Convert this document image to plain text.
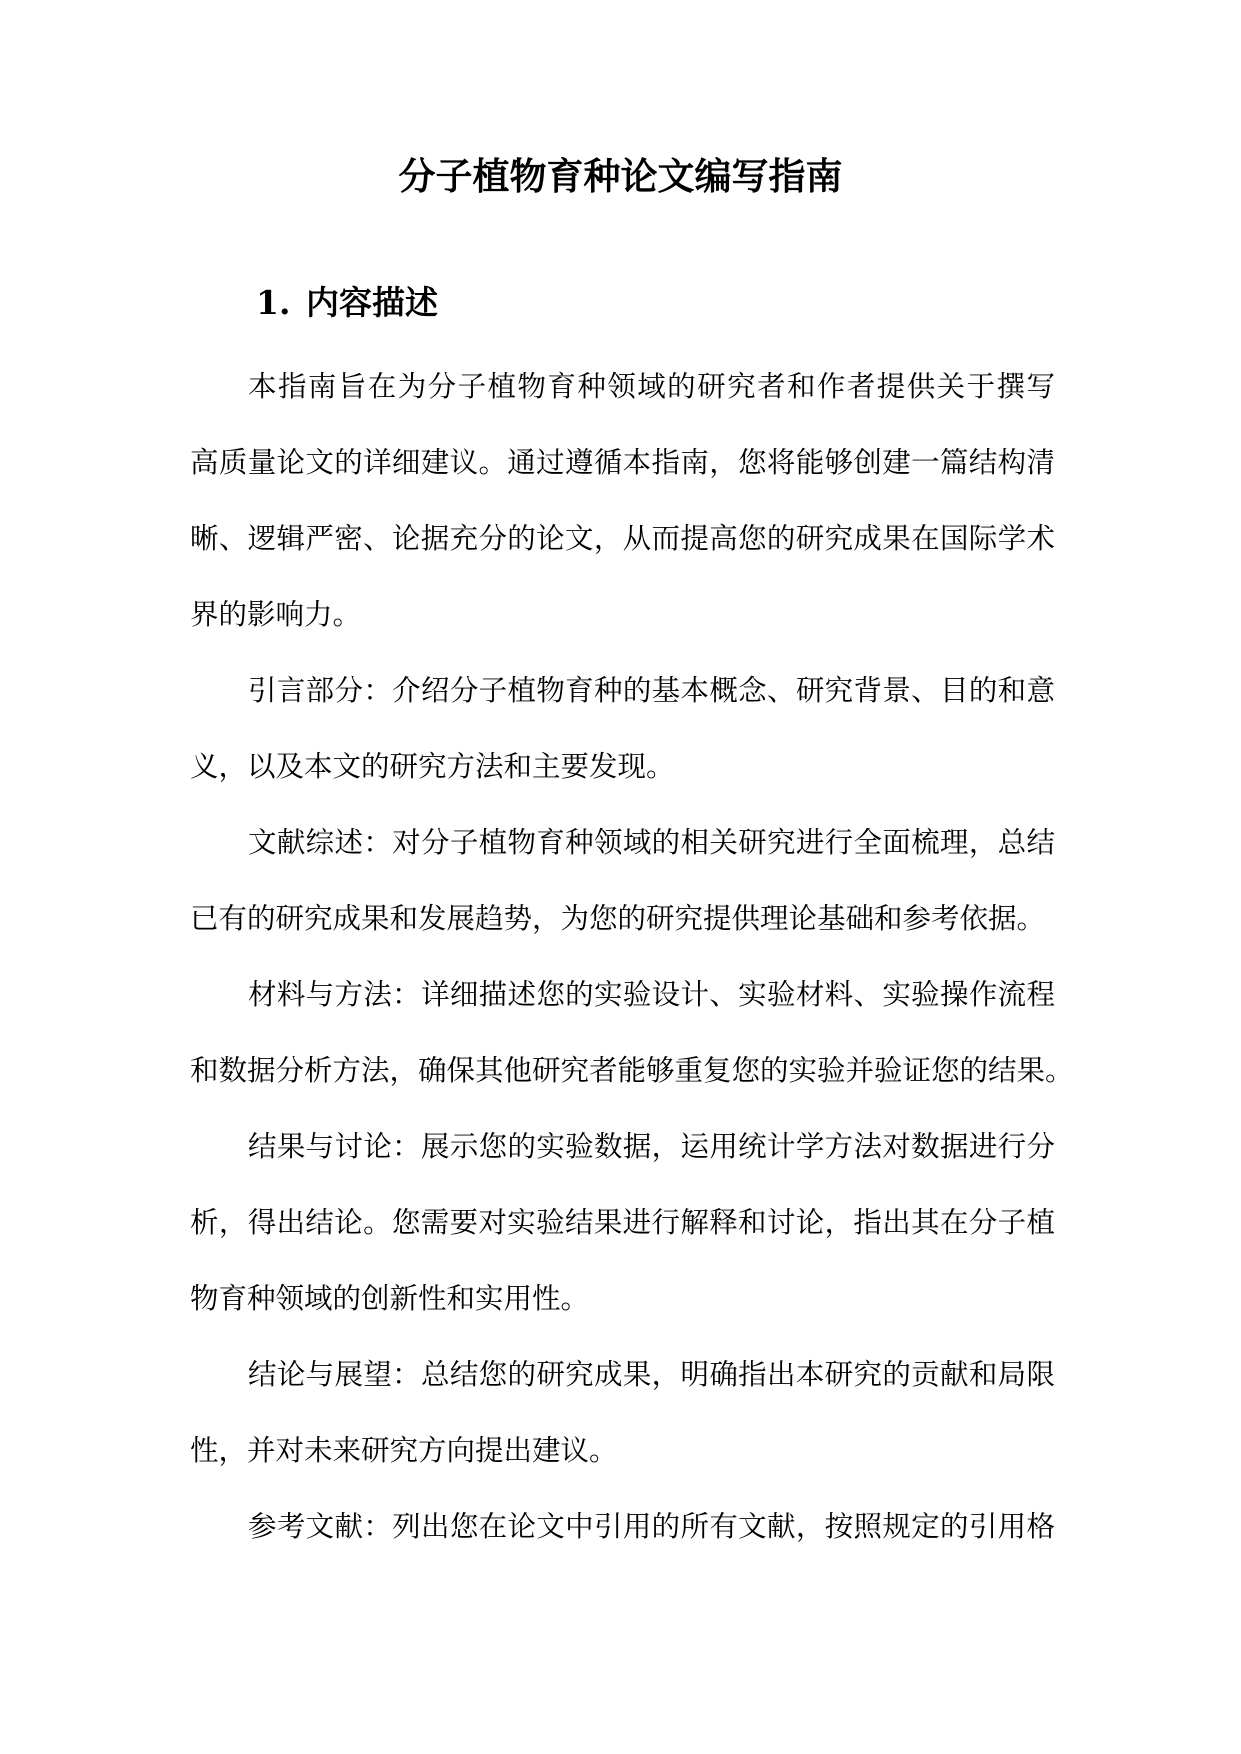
分子植物育种论文编写指南
1. 内容描述
本指南旨在为分子植物育种领域的研究者和作者提供关于撰写
高质量论文的详细建议。通过遵循本指南，您将能够创建一篇结构清
晰、逻辑严密、论据充分的论文，从而提高您的研究成果在国际学术
界的影响力。
引言部分：介绍分子植物育种的基本概念、研究背景、目的和意
义，以及本文的研究方法和主要发现。
文献综述：对分子植物育种领域的相关研究进行全面梳理，总结
已有的研究成果和发展趋势，为您的研究提供理论基础和参考依据。
材料与方法：详细描述您的实验设计、实验材料、实验操作流程
和数据分析方法，确保其他研究者能够重复您的实验并验证您的结果。
结果与讨论：展示您的实验数据，运用统计学方法对数据进行分
析，得出结论。您需要对实验结果进行解释和讨论，指出其在分子植
物育种领域的创新性和实用性。
结论与展望：总结您的研究成果，明确指出本研究的贡献和局限
性，并对未来研究方向提出建议。
参考文献：列出您在论文中引用的所有文献，按照规定的引用格
